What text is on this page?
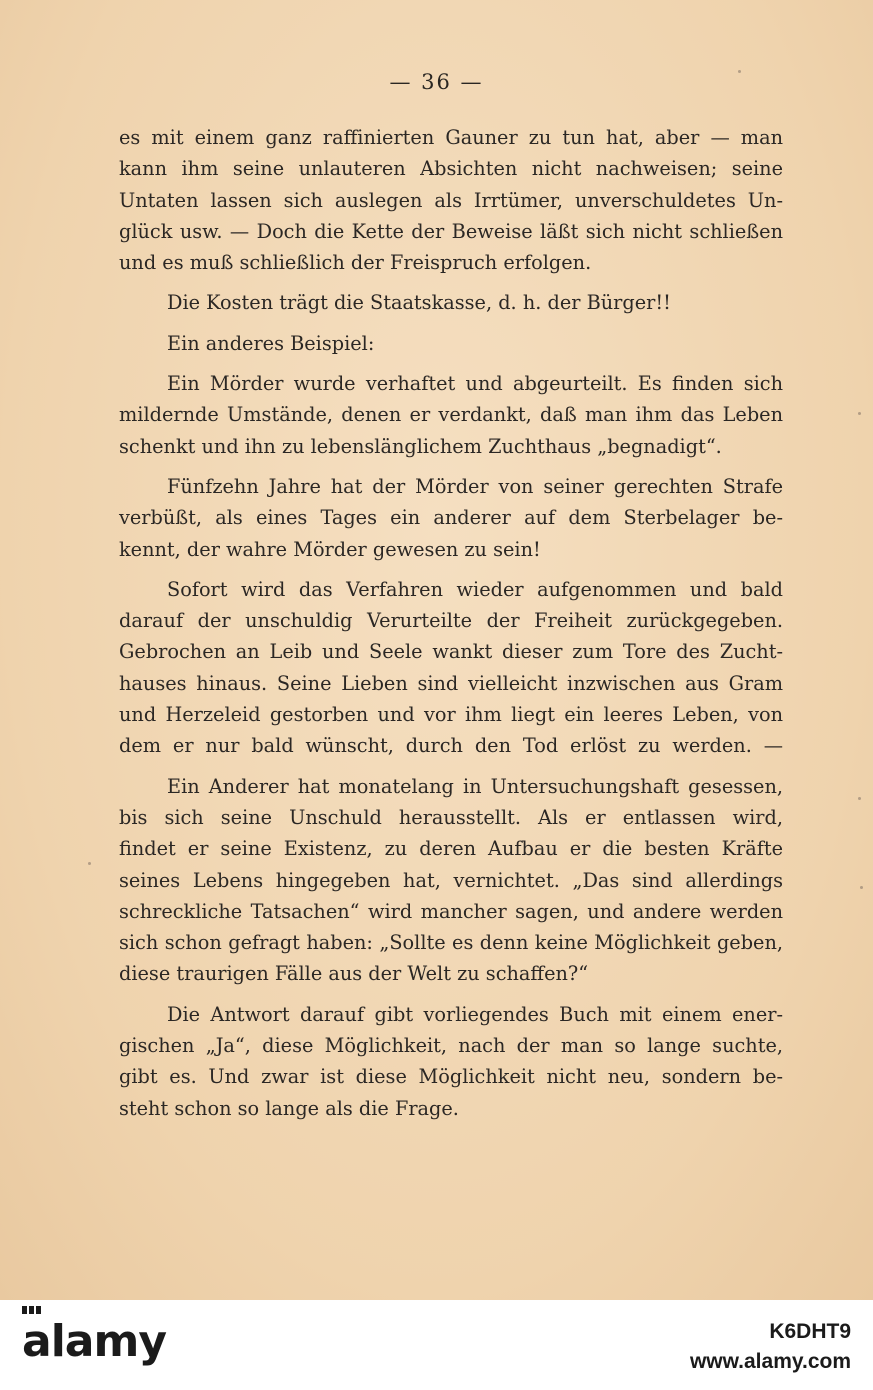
— 36 —

es mit einem ganz raffinierten Gauner zu tun hat, aber — man
kann ihm seine unlauteren Absichten nicht nachweisen; seine
Untaten lassen sich auslegen als Irrtümer, unverschuldetes Un-
glück usw. — Doch die Kette der Beweise läßt sich nicht schließen
und es muß schließlich der Freispruch erfolgen.

Die Kosten trägt die Staatskasse, d. h. der Bürger!!

Ein anderes Beispiel:

Ein Mörder wurde verhaftet und abgeurteilt. Es finden sich
mildernde Umstände, denen er verdankt, daß man ihm das Leben
schenkt und ihn zu lebenslänglichem Zuchthaus „begnadigt“.

Fünfzehn Jahre hat der Mörder von seiner gerechten Strafe
verbüßt, als eines Tages ein anderer auf dem Sterbelager be-
kennt, der wahre Mörder gewesen zu sein!

Sofort wird das Verfahren wieder aufgenommen und bald
darauf der unschuldig Verurteilte der Freiheit zurückgegeben.
Gebrochen an Leib und Seele wankt dieser zum Tore des Zucht-
hauses hinaus. Seine Lieben sind vielleicht inzwischen aus Gram
und Herzeleid gestorben und vor ihm liegt ein leeres Leben, von
dem er nur bald wünscht, durch den Tod erlöst zu werden. —

Ein Anderer hat monatelang in Untersuchungshaft gesessen,
bis sich seine Unschuld herausstellt. Als er entlassen wird,
findet er seine Existenz, zu deren Aufbau er die besten Kräfte
seines Lebens hingegeben hat, vernichtet. „Das sind allerdings
schreckliche Tatsachen“ wird mancher sagen, und andere werden
sich schon gefragt haben: „Sollte es denn keine Möglichkeit geben,
diese traurigen Fälle aus der Welt zu schaffen?“

Die Antwort darauf gibt vorliegendes Buch mit einem ener-
gischen „Ja“, diese Möglichkeit, nach der man so lange suchte,
gibt es. Und zwar ist diese Möglichkeit nicht neu, sondern be-
steht schon so lange als die Frage.

alamy	K6DHT9
www.alamy.com
